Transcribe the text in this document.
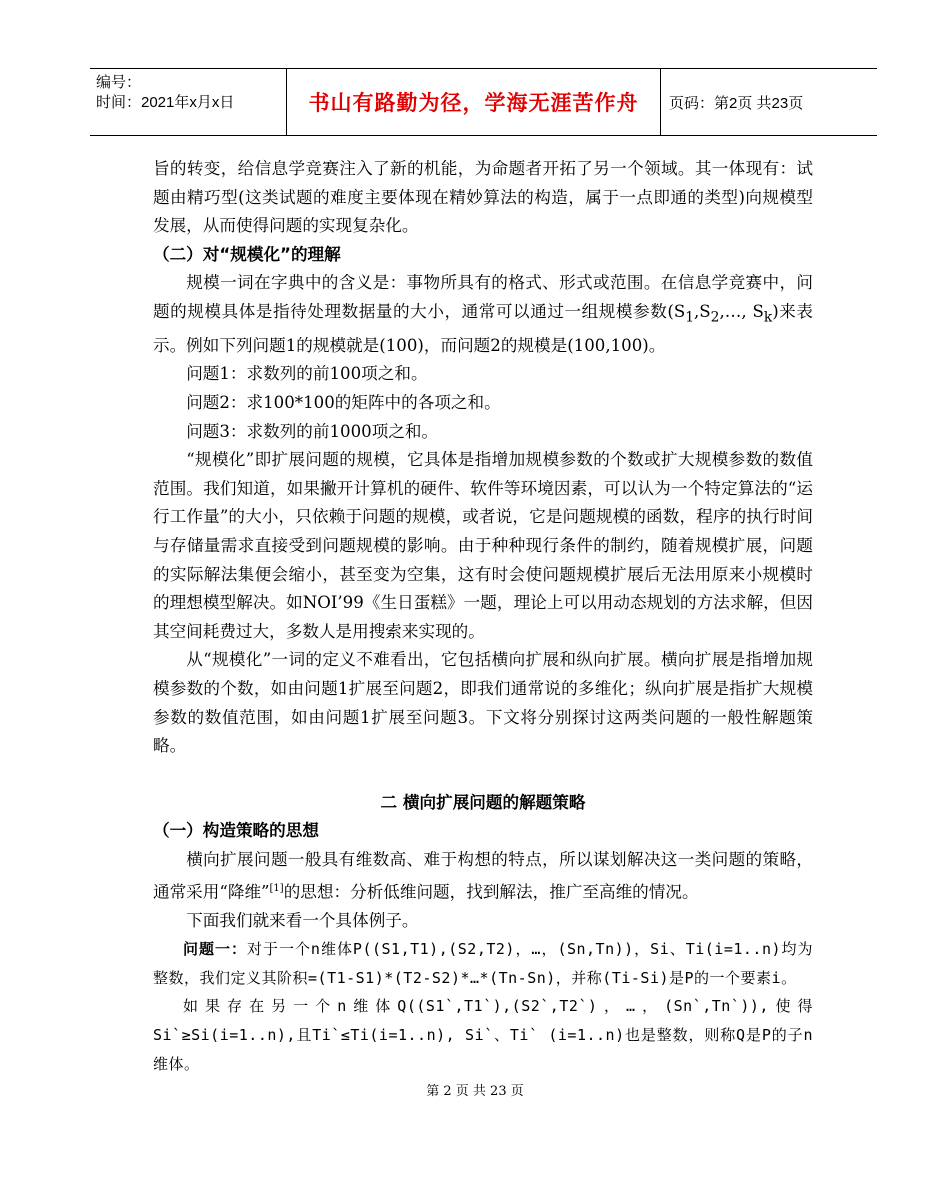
编号：
时间：2021年x月x日	书山有路勤为径，学海无涯苦作舟	页码：第2页 共23页

旨的转变，给信息学竞赛注入了新的机能，为命题者开拓了另一个领域。其一体现有：试题由精巧型(这类试题的难度主要体现在精妙算法的构造，属于一点即通的类型)向规模型发展，从而使得问题的实现复杂化。

（二）对“规模化”的理解

规模一词在字典中的含义是：事物所具有的格式、形式或范围。在信息学竞赛中，问题的规模具体是指待处理数据量的大小，通常可以通过一组规模参数($S_1,S_2,\dots$, $S_k$)来表示。例如下列问题1的规模就是(100)，而问题2的规模是(100,100)。

问题1：求数列的前100项之和。

问题2：求100*100的矩阵中的各项之和。

问题3：求数列的前1000项之和。

“规模化”即扩展问题的规模，它具体是指增加规模参数的个数或扩大规模参数的数值范围。我们知道，如果撇开计算机的硬件、软件等环境因素，可以认为一个特定算法的“运行工作量”的大小，只依赖于问题的规模，或者说，它是问题规模的函数，程序的执行时间与存储量需求直接受到问题规模的影响。由于种种现行条件的制约，随着规模扩展，问题的实际解法集便会缩小，甚至变为空集，这有时会使问题规模扩展后无法用原来小规模时的理想模型解决。如NOI’99《生日蛋糕》一题，理论上可以用动态规划的方法求解，但因其空间耗费过大，多数人是用搜索来实现的。

从“规模化”一词的定义不难看出，它包括横向扩展和纵向扩展。横向扩展是指增加规模参数的个数，如由问题1扩展至问题2，即我们通常说的多维化；纵向扩展是指扩大规模参数的数值范围，如由问题1扩展至问题3。下文将分别探讨这两类问题的一般性解题策略。

二 横向扩展问题的解题策略

（一）构造策略的思想

横向扩展问题一般具有维数高、难于构想的特点，所以谋划解决这一类问题的策略，通常采用“降维”[1]的思想：分析低维问题，找到解法，推广至高维的情况。

下面我们就来看一个具体例子。

问题一：对于一个n维体P((S1,T1),(S2,T2)，…，(Sn,Tn))，Si、Ti(i=1..n)均为整数，我们定义其阶积=(T1-S1)*(T2-S2)*…*(Tn-Sn)，并称(Ti-Si)是P的一个要素i。

如果存在另一个n维体Q((S1`,T1`),(S2`,T2`)，…，(Sn`,Tn`)),使得Si`≥Si(i=1..n),且Ti`≤Ti(i=1..n), Si`、Ti` (i=1..n)也是整数，则称Q是P的子n维体。

第 2 页 共 23 页
